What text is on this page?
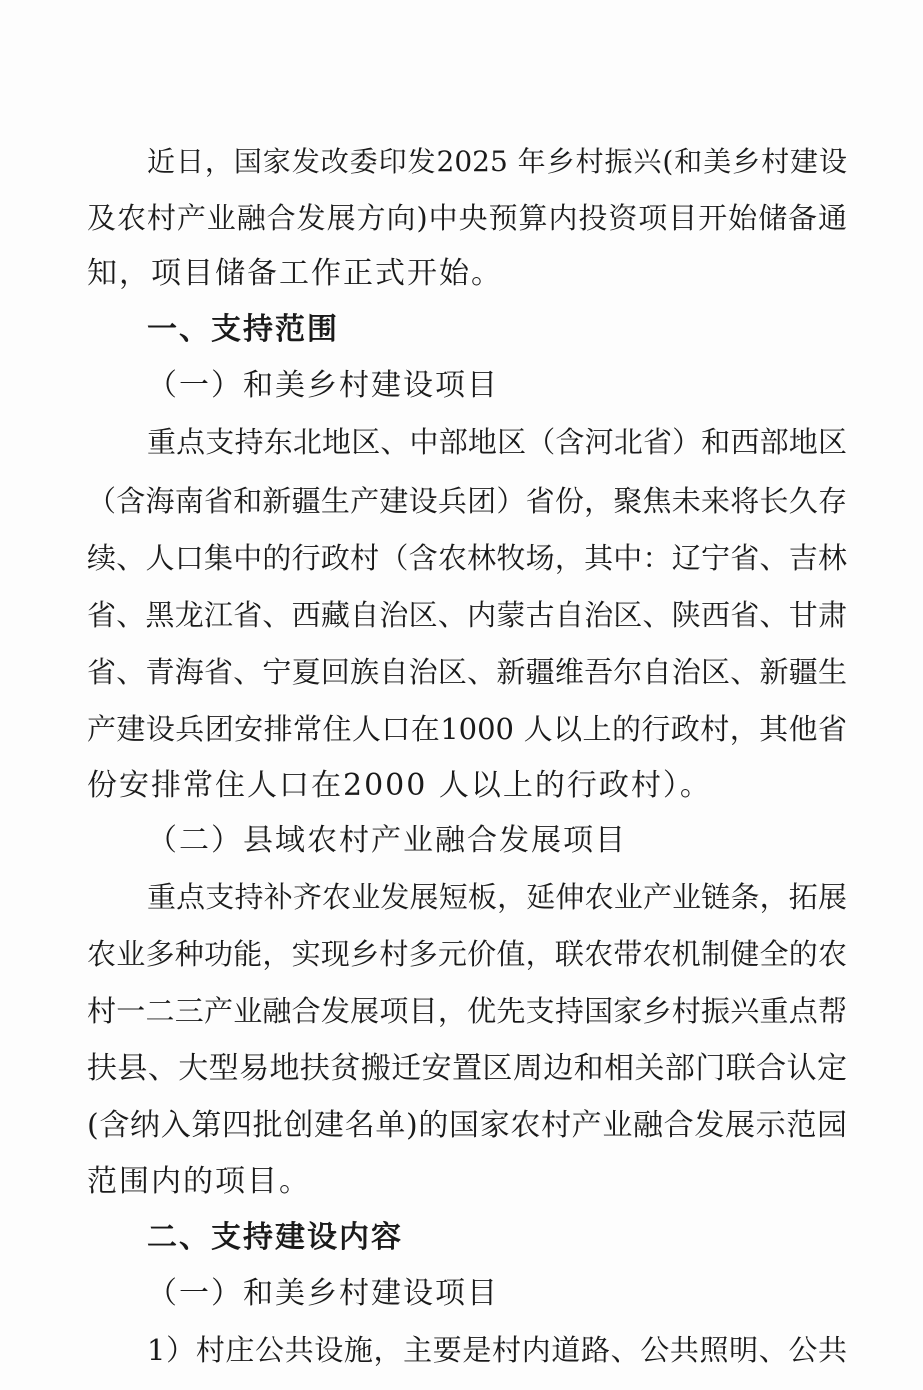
近日，国家发改委印发2025 年乡村振兴(和美乡村建设
及农村产业融合发展方向)中央预算内投资项目开始储备通
知，项目储备工作正式开始。
一、支持范围
（一）和美乡村建设项目
重点支持东北地区、中部地区（含河北省）和西部地区
（含海南省和新疆生产建设兵团）省份，聚焦未来将长久存
续、人口集中的行政村（含农林牧场，其中：辽宁省、吉林
省、黑龙江省、西藏自治区、内蒙古自治区、陕西省、甘肃
省、青海省、宁夏回族自治区、新疆维吾尔自治区、新疆生
产建设兵团安排常住人口在1000 人以上的行政村，其他省
份安排常住人口在2000 人以上的行政村）。
（二）县域农村产业融合发展项目
重点支持补齐农业发展短板，延伸农业产业链条，拓展
农业多种功能，实现乡村多元价值，联农带农机制健全的农
村一二三产业融合发展项目，优先支持国家乡村振兴重点帮
扶县、大型易地扶贫搬迁安置区周边和相关部门联合认定
(含纳入第四批创建名单)的国家农村产业融合发展示范园
范围内的项目。
二、支持建设内容
（一）和美乡村建设项目
1）村庄公共设施，主要是村内道路、公共照明、公共
